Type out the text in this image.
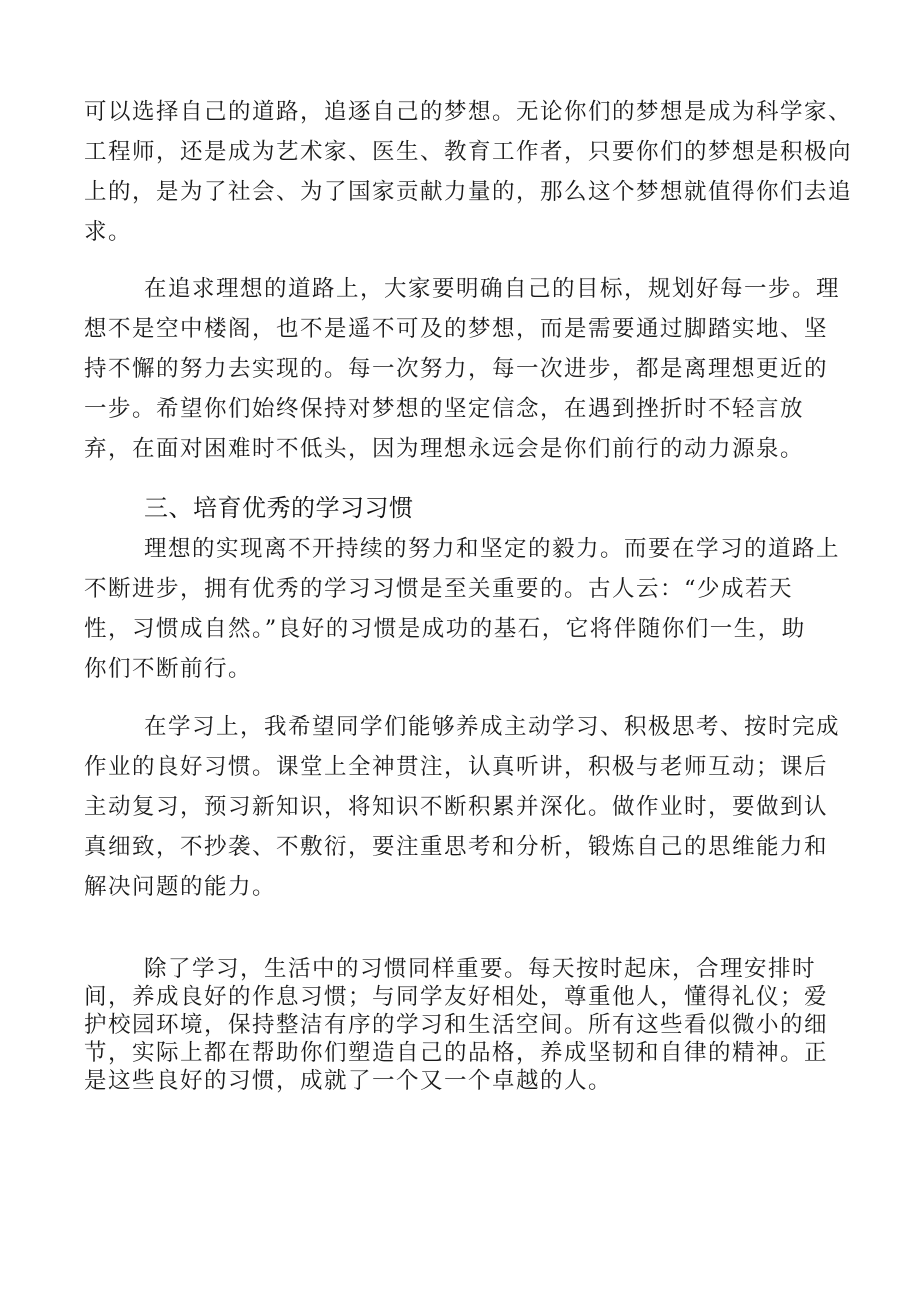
可以选择自己的道路，追逐自己的梦想。无论你们的梦想是成为科学家、
工程师，还是成为艺术家、医生、教育工作者，只要你们的梦想是积极向
上的，是为了社会、为了国家贡献力量的，那么这个梦想就值得你们去追
求。
在追求理想的道路上，大家要明确自己的目标，规划好每一步。理
想不是空中楼阁，也不是遥不可及的梦想，而是需要通过脚踏实地、坚
持不懈的努力去实现的。每一次努力，每一次进步，都是离理想更近的
一步。希望你们始终保持对梦想的坚定信念，在遇到挫折时不轻言放
弃，在面对困难时不低头，因为理想永远会是你们前行的动力源泉。
三、培育优秀的学习习惯
理想的实现离不开持续的努力和坚定的毅力。而要在学习的道路上
不断进步，拥有优秀的学习习惯是至关重要的。古人云：“少成若天
性，习惯成自然。”良好的习惯是成功的基石，它将伴随你们一生，助
你们不断前行。
在学习上，我希望同学们能够养成主动学习、积极思考、按时完成
作业的良好习惯。课堂上全神贯注，认真听讲，积极与老师互动；课后
主动复习，预习新知识，将知识不断积累并深化。做作业时，要做到认
真细致，不抄袭、不敷衍，要注重思考和分析，锻炼自己的思维能力和
解决问题的能力。
除了学习，生活中的习惯同样重要。每天按时起床，合理安排时
间，养成良好的作息习惯；与同学友好相处，尊重他人，懂得礼仪；爱
护校园环境，保持整洁有序的学习和生活空间。所有这些看似微小的细
节，实际上都在帮助你们塑造自己的品格，养成坚韧和自律的精神。正
是这些良好的习惯，成就了一个又一个卓越的人。
